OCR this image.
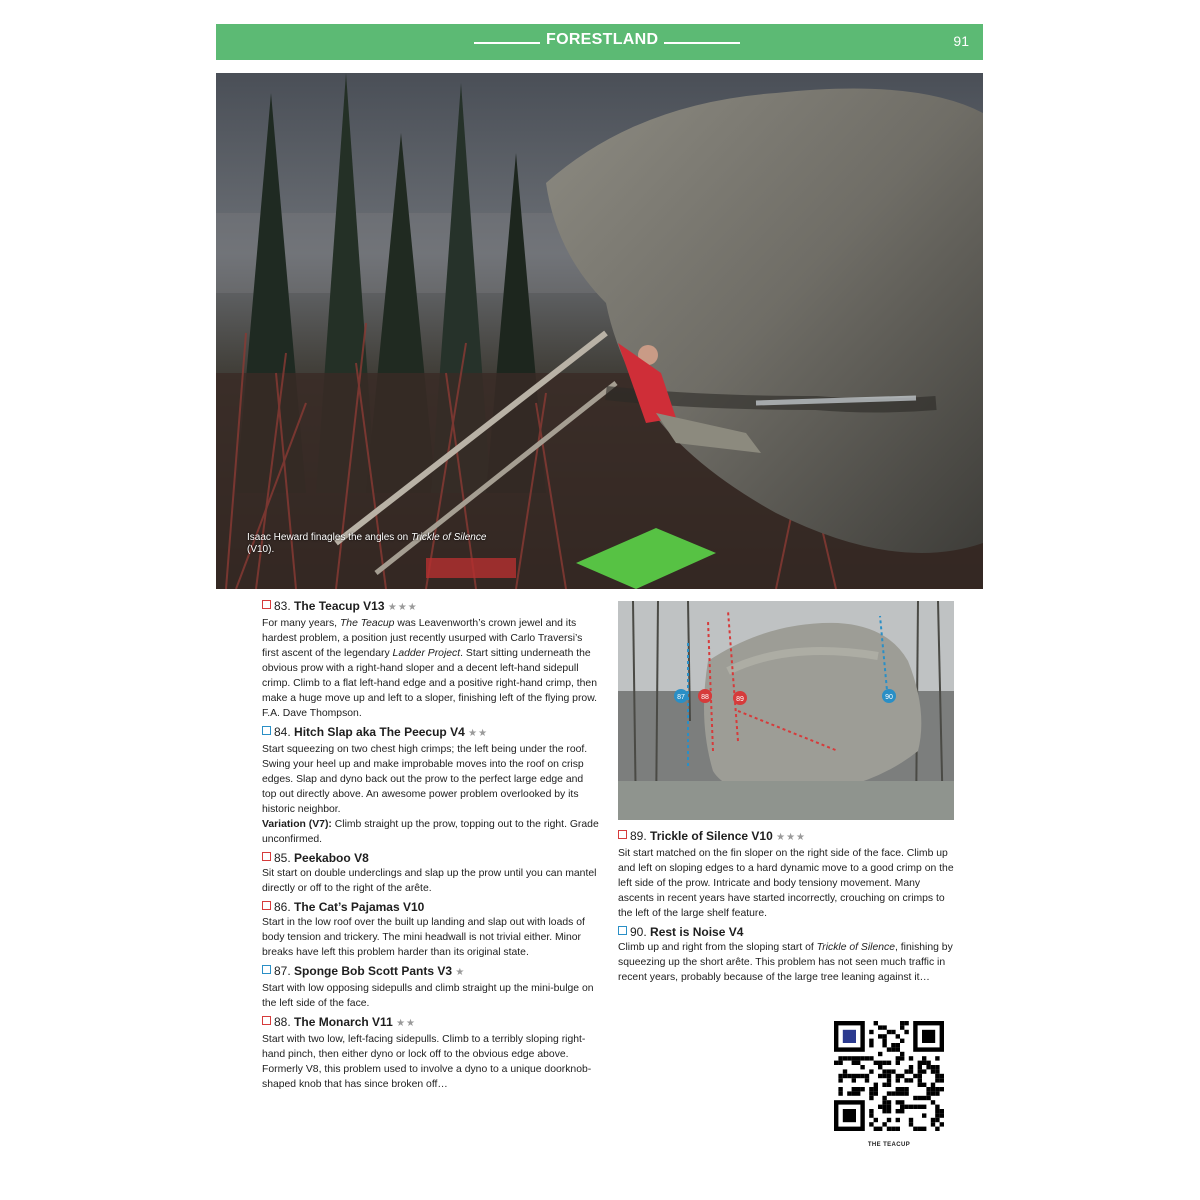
FORESTLAND	91
Isaac Heward finagles the angles on Trickle of Silence (V10).
83. The Teacup V13 ★★★

For many years, The Teacup was Leavenworth’s crown jewel and its hardest problem, a position just recently usurped with Carlo Traversi’s first ascent of the legendary Ladder Project. Start sitting underneath the obvious prow with a right-hand sloper and a decent left-hand sidepull crimp. Climb to a flat left-hand edge and a positive right-hand crimp, then make a huge move up and left to a sloper, finishing left of the flying prow. F.A. Dave Thompson.

84. Hitch Slap aka The Peecup V4 ★★

Start squeezing on two chest high crimps; the left being under the roof. Swing your heel up and make improbable moves into the roof on crisp edges. Slap and dyno back out the prow to the perfect large edge and top out directly above. An awesome power problem overlooked by its historic neighbor.

Variation (V7): Climb straight up the prow, topping out to the right. Grade unconfirmed.

85. Peekaboo V8

Sit start on double underclings and slap up the prow until you can mantel directly or off to the right of the arête.

86. The Cat’s Pajamas V10

Start in the low roof over the built up landing and slap out with loads of body tension and trickery. The mini headwall is not trivial either. Minor breaks have left this problem harder than its original state.

87. Sponge Bob Scott Pants V3 ★

Start with low opposing sidepulls and climb straight up the mini-bulge on the left side of the face.

88. The Monarch V11 ★★

Start with two low, left-facing sidepulls. Climb to a terribly sloping right-hand pinch, then either dyno or lock off to the obvious edge above. Formerly V8, this problem used to involve a dyno to a unique doorknob-shaped knob that has since broken off…

87 88	89	90
89. Trickle of Silence V10 ★★★

Sit start matched on the fin sloper on the right side of the face. Climb up and left on sloping edges to a hard dynamic move to a good crimp on the left side of the prow. Intricate and body tensiony movement. Many ascents in recent years have started incorrectly, crouching on crimps to the left of the large shelf feature.

90. Rest is Noise V4

Climb up and right from the sloping start of Trickle of Silence, finishing by squeezing up the short arête. This problem has not seen much traffic in recent years, probably because of the large tree leaning against it…

THE TEACUP
